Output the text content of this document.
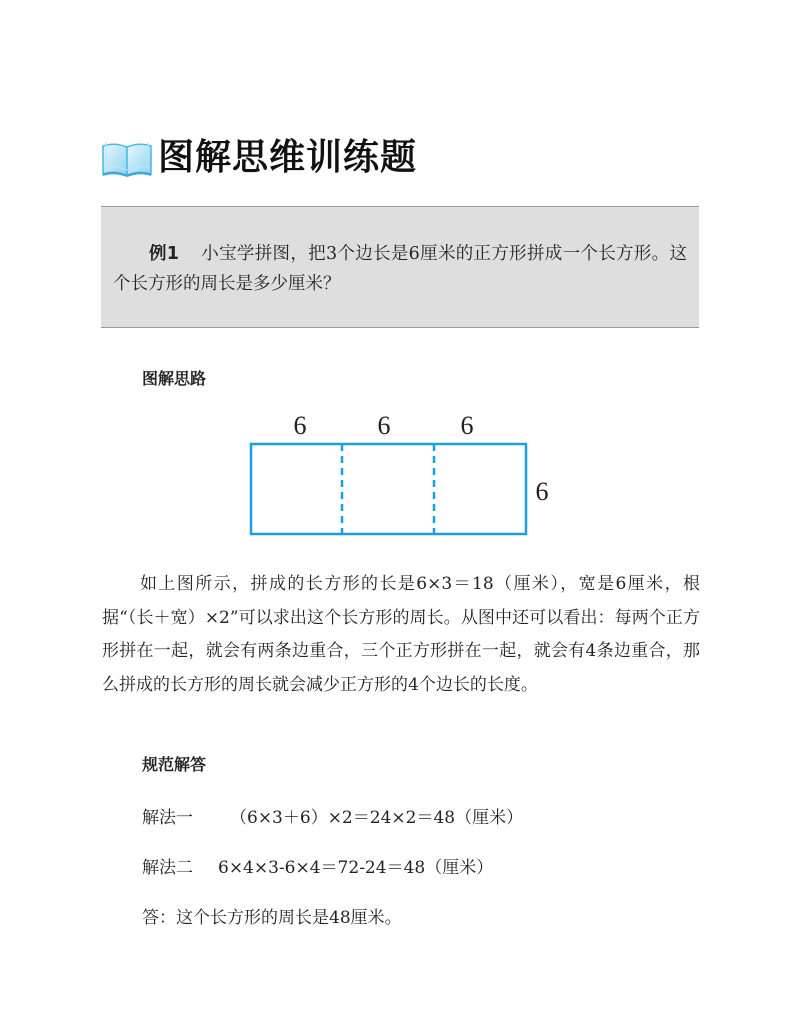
图解思维训练题
例1 小宝学拼图，把3个边长是6厘米的正方形拼成一个长方形。这个长方形的周长是多少厘米？
图解思路
6	6	6
6
如上图所示，拼成的长方形的长是6×3＝18（厘米），宽是6厘米，根据“（长＋宽）×2”可以求出这个长方形的周长。从图中还可以看出：每两个正方形拼在一起，就会有两条边重合，三个正方形拼在一起，就会有4条边重合，那么拼成的长方形的周长就会减少正方形的4个边长的长度。
规范解答
解法一 （6×3＋6）×2＝24×2＝48（厘米）
解法二 6×4×3-6×4＝72-24＝48（厘米）
答：这个长方形的周长是48厘米。
